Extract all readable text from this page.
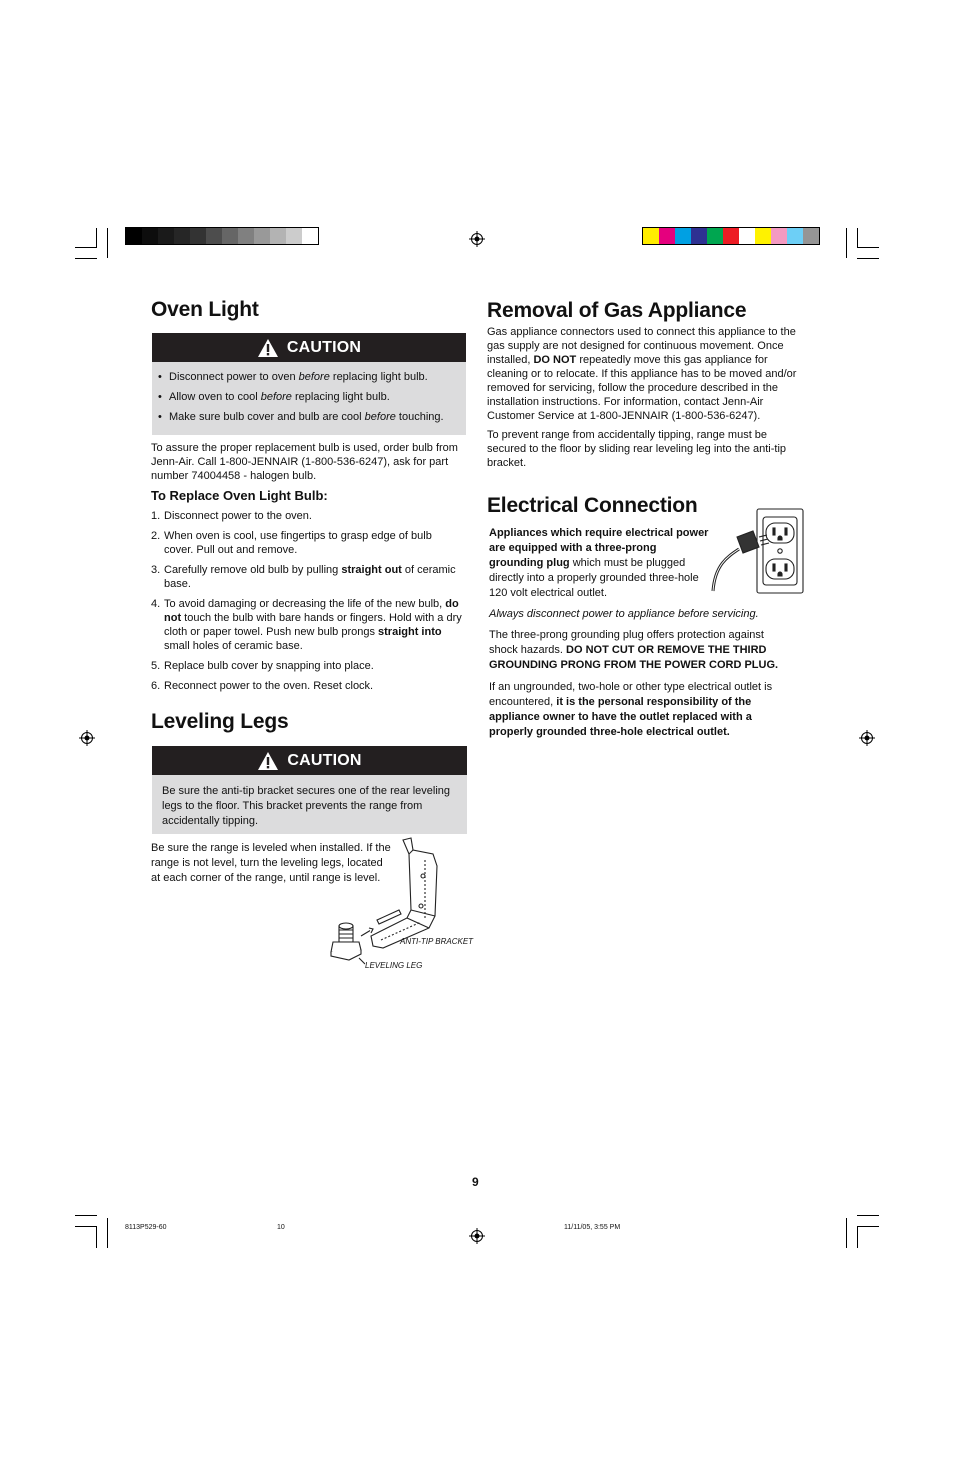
Oven Light
CAUTION
• Disconnect power to oven before replacing light bulb.
• Allow oven to cool before replacing light bulb.
• Make sure bulb cover and bulb are cool before touching.

To assure the proper replacement bulb is used, order bulb from Jenn-Air. Call 1-800-JENNAIR (1-800-536-6247), ask for part number 74004458 - halogen bulb.

To Replace Oven Light Bulb:
1. Disconnect power to the oven.
2. When oven is cool, use fingertips to grasp edge of bulb cover. Pull out and remove.
3. Carefully remove old bulb by pulling straight out of ceramic base.
4. To avoid damaging or decreasing the life of the new bulb, do not touch the bulb with bare hands or fingers. Hold with a dry cloth or paper towel. Push new bulb prongs straight into small holes of ceramic base.
5. Replace bulb cover by snapping into place.
6. Reconnect power to the oven. Reset clock.
Leveling Legs
CAUTION
Be sure the anti-tip bracket secures one of the rear leveling legs to the floor. This bracket prevents the range from accidentally tipping.

Be sure the range is leveled when installed. If the range is not level, turn the leveling legs, located at each corner of the range, until range is level.

ANTI-TIP BRACKET
LEVELING LEG
Removal of Gas Appliance

Gas appliance connectors used to connect this appliance to the gas supply are not designed for continuous movement. Once installed, DO NOT repeatedly move this gas appliance for cleaning or to relocate. If this appliance has to be moved and/or removed for servicing, follow the procedure described in the installation instructions. For information, contact Jenn-Air Customer Service at 1-800-JENNAIR (1-800-536-6247).

To prevent range from accidentally tipping, range must be secured to the floor by sliding rear leveling leg into the anti-tip bracket.

Electrical Connection

Appliances which require electrical power are equipped with a three-prong grounding plug which must be plugged directly into a properly grounded three-hole 120 volt electrical outlet.

Always disconnect power to appliance before servicing.

The three-prong grounding plug offers protection against shock hazards. DO NOT CUT OR REMOVE THE THIRD GROUNDING PRONG FROM THE POWER CORD PLUG.

If an ungrounded, two-hole or other type electrical outlet is encountered, it is the personal responsibility of the appliance owner to have the outlet replaced with a properly grounded three-hole electrical outlet.

9
8113P529-60	10	11/11/05, 3:55 PM
